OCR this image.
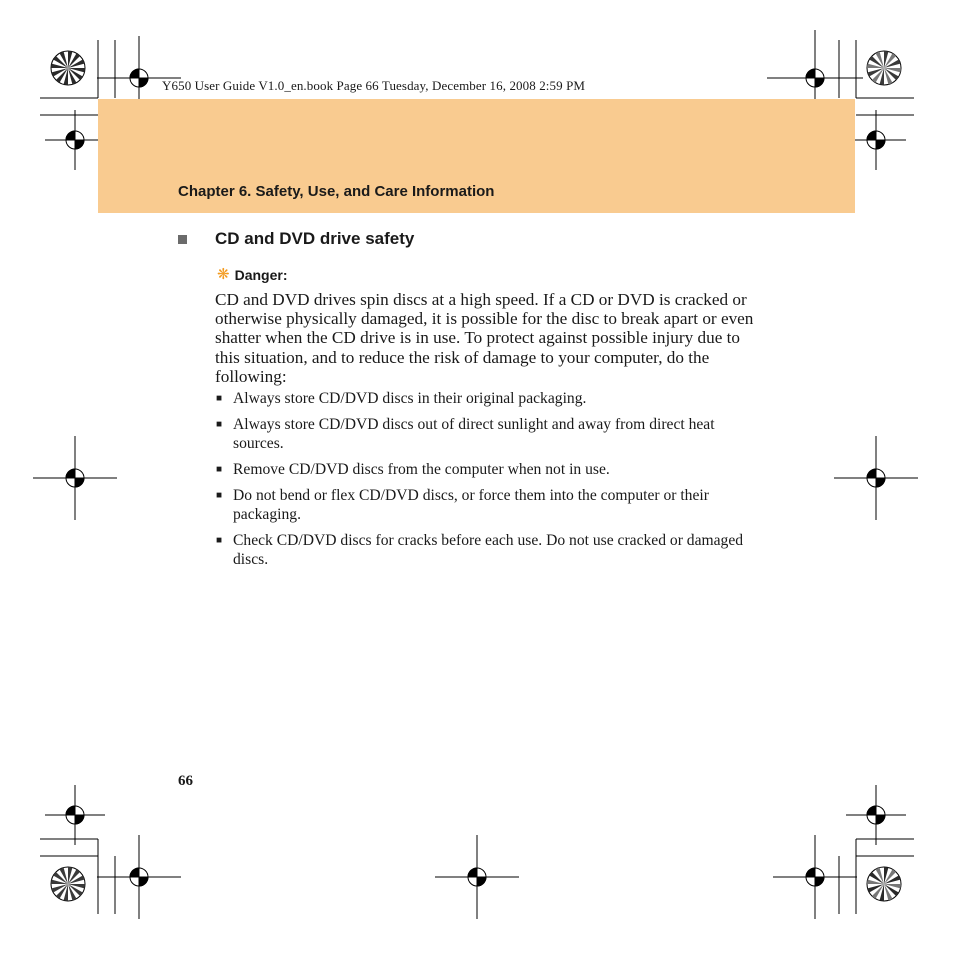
Y650 User Guide V1.0_en.book Page 66 Tuesday, December 16, 2008 2:59 PM
Chapter 6. Safety, Use, and Care Information
CD and DVD drive safety
❋ Danger:

CD and DVD drives spin discs at a high speed. If a CD or DVD is cracked or otherwise physically damaged, it is possible for the disc to break apart or even shatter when the CD drive is in use. To protect against possible injury due to this situation, and to reduce the risk of damage to your computer, do the following:

■ Always store CD/DVD discs in their original packaging.
■ Always store CD/DVD discs out of direct sunlight and away from direct heat sources.
■ Remove CD/DVD discs from the computer when not in use.
■ Do not bend or flex CD/DVD discs, or force them into the computer or their packaging.
■ Check CD/DVD discs for cracks before each use. Do not use cracked or damaged discs.
66
